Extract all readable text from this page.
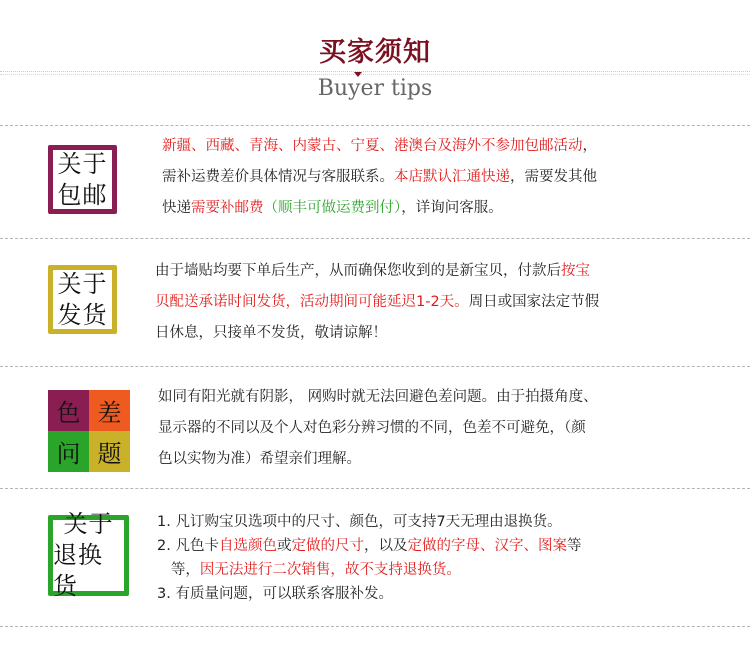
买家须知
Buyer tips
关于
包邮
新疆、西藏、青海、内蒙古、宁夏、港澳台及海外不参加包邮活动，
需补运费差价具体情况与客服联系。本店默认汇通快递，需要发其他
快递需要补邮费（顺丰可做运费到付），详询问客服。
关于
发货
由于墙贴均要下单后生产，从而确保您收到的是新宝贝，付款后按宝
贝配送承诺时间发货，活动期间可能延迟1-2天。周日或国家法定节假
日休息，只接单不发货，敬请谅解！
色 差
问 题
如同有阳光就有阴影， 网购时就无法回避色差问题。由于拍摄角度、
显示器的不同以及个人对色彩分辨习惯的不同，色差不可避免，（颜
色以实物为准）希望亲们理解。
关于
退换货
1. 凡订购宝贝选项中的尺寸、颜色，可支持7天无理由退换货。
2. 凡色卡自选颜色或定做的尺寸，以及定做的字母、汉字、图案等
等，因无法进行二次销售，故不支持退换货。
3. 有质量问题，可以联系客服补发。
